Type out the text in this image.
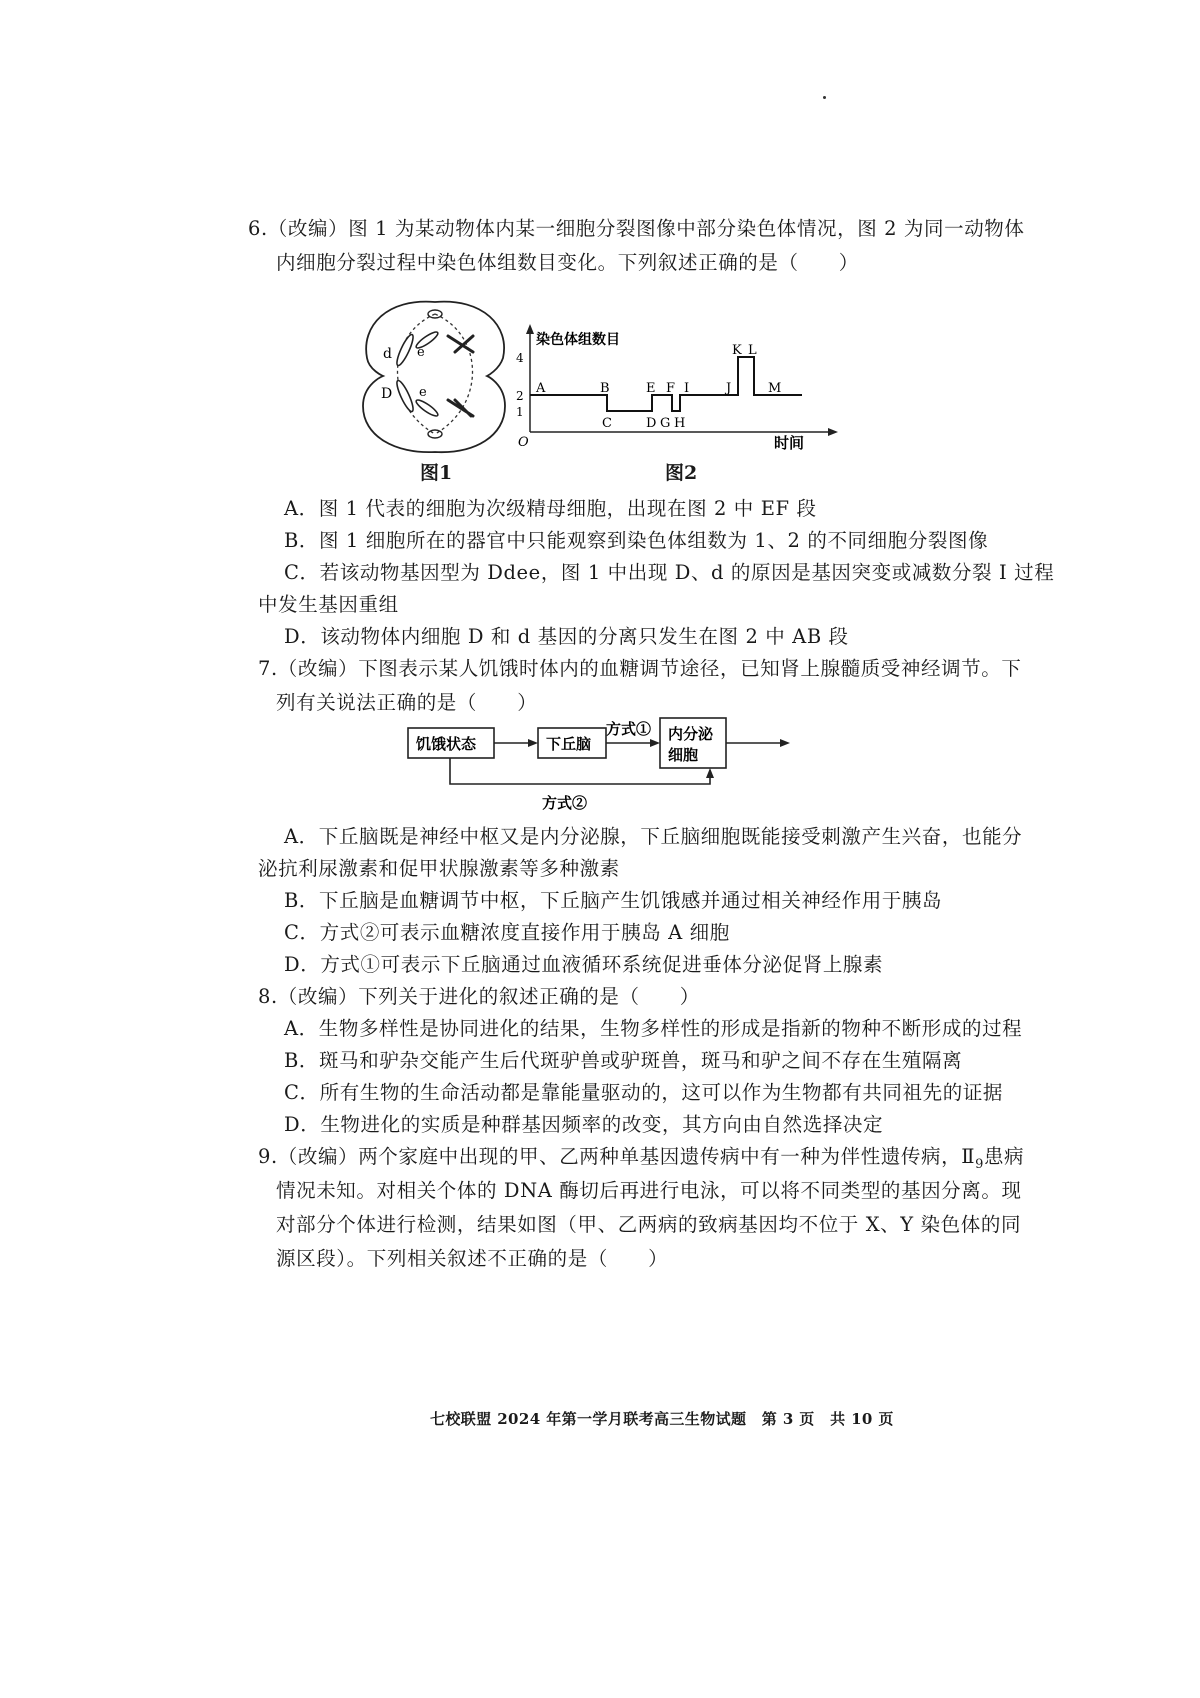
6.（改编）图 1 为某动物体内某一细胞分裂图像中部分染色体情况，图 2 为同一动物体
内细胞分裂过程中染色体组数目变化。下列叙述正确的是（　　）
d e
D e
图1
染色体组数目
O
4
2
1
A	B	E F I	J
K L
M
C	D G H
时间
图2
A．图 1 代表的细胞为次级精母细胞，出现在图 2 中 EF 段
B．图 1 细胞所在的器官中只能观察到染色体组数为 1、2 的不同细胞分裂图像
C．若该动物基因型为 Ddee，图 1 中出现 D、d 的原因是基因突变或减数分裂 I 过程
中发生基因重组
D．该动物体内细胞 D 和 d 基因的分离只发生在图 2 中 AB 段
7.（改编）下图表示某人饥饿时体内的血糖调节途径，已知肾上腺髓质受神经调节。下
列有关说法正确的是（　　）
饥饿状态	下丘脑
方式① 内分泌
细胞
方式②
A．下丘脑既是神经中枢又是内分泌腺，下丘脑细胞既能接受刺激产生兴奋，也能分
泌抗利尿激素和促甲状腺激素等多种激素
B．下丘脑是血糖调节中枢，下丘脑产生饥饿感并通过相关神经作用于胰岛
C．方式②可表示血糖浓度直接作用于胰岛 A 细胞
D．方式①可表示下丘脑通过血液循环系统促进垂体分泌促肾上腺素
8.（改编）下列关于进化的叙述正确的是（　　）
A．生物多样性是协同进化的结果，生物多样性的形成是指新的物种不断形成的过程
B．斑马和驴杂交能产生后代斑驴兽或驴斑兽，斑马和驴之间不存在生殖隔离
C．所有生物的生命活动都是靠能量驱动的，这可以作为生物都有共同祖先的证据
D．生物进化的实质是种群基因频率的改变，其方向由自然选择决定
9.（改编）两个家庭中出现的甲、乙两种单基因遗传病中有一种为伴性遗传病，$Ⅱ_9$患病
情况未知。对相关个体的 DNA 酶切后再进行电泳，可以将不同类型的基因分离。现
对部分个体进行检测，结果如图（甲、乙两病的致病基因均不位于 X、Y 染色体的同
源区段）。下列相关叙述不正确的是（　　）
七校联盟 2024 年第一学月联考高三生物试题　第 3 页　共 10 页
